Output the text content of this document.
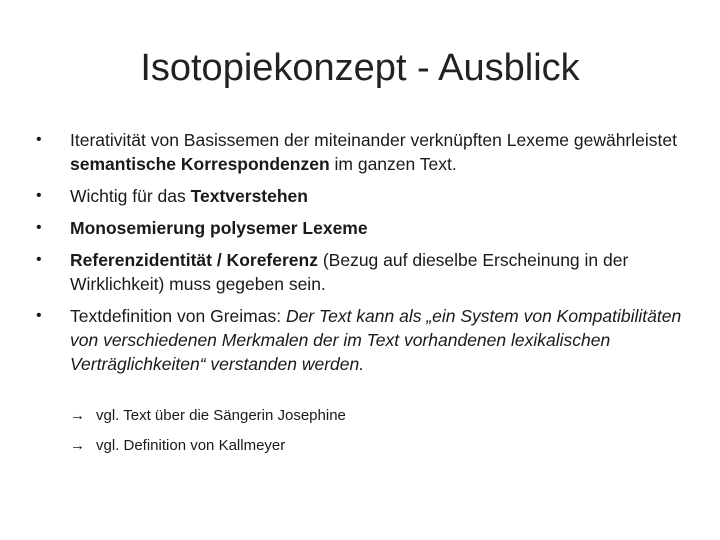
Isotopiekonzept - Ausblick
•	Iterativität von Basissemen der miteinander verknüpften Lexeme gewährleistet semantische Korrespondenzen im ganzen Text.
•	Wichtig für das Textverstehen
•	Monosemierung polysemer Lexeme
•	Referenzidentität / Koreferenz (Bezug auf dieselbe Erscheinung in der Wirklichkeit) muss gegeben sein.
•	Textdefinition von Greimas: Der Text kann als „ein System von Kompatibilitäten von verschiedenen Merkmalen der im Text vorhandenen lexikalischen Verträglichkeiten“ verstanden werden.
→ vgl. Text über die Sängerin Josephine
→ vgl. Definition von Kallmeyer
